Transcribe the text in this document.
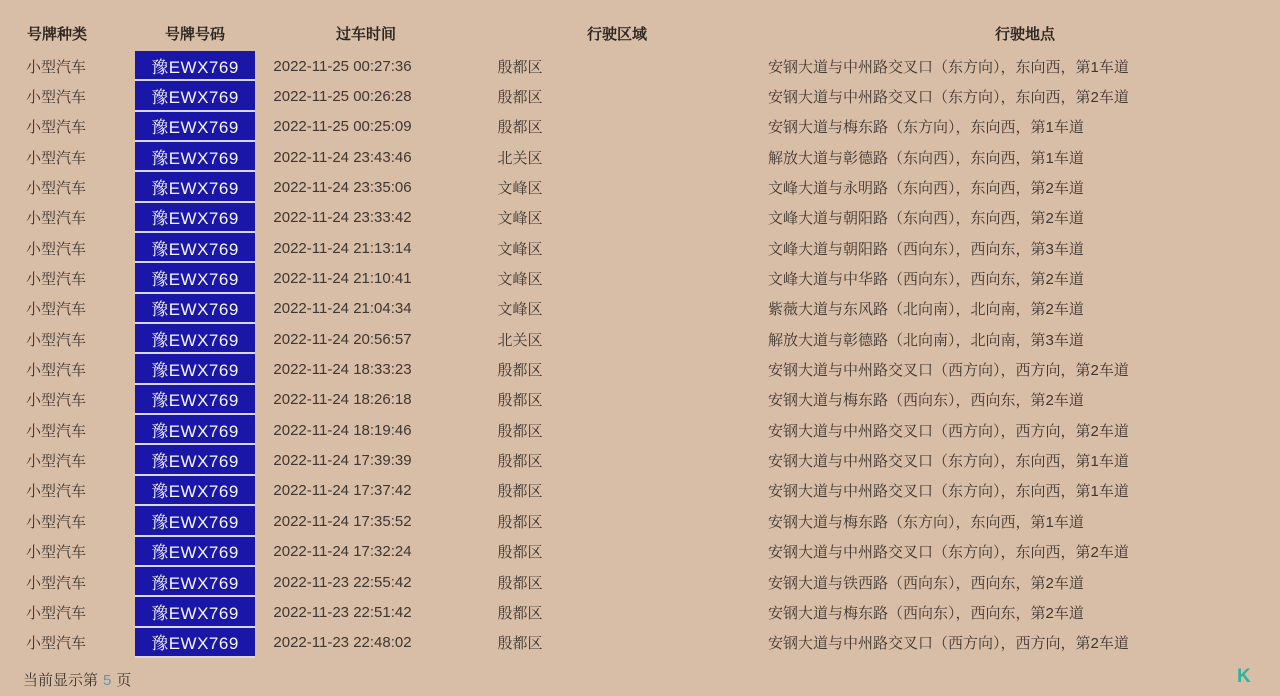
号牌种类	号牌号码	过车时间	行驶区域	行驶地点
小型汽车	豫EWX769	2022-11-25 00:27:36	殷都区	安钢大道与中州路交叉口（东方向），东向西，第1车道
小型汽车	豫EWX769	2022-11-25 00:26:28	殷都区	安钢大道与中州路交叉口（东方向），东向西，第2车道
小型汽车	豫EWX769	2022-11-25 00:25:09	殷都区	安钢大道与梅东路（东方向），东向西，第1车道
小型汽车	豫EWX769	2022-11-24 23:43:46	北关区	解放大道与彰德路（东向西），东向西，第1车道
小型汽车	豫EWX769	2022-11-24 23:35:06	文峰区	文峰大道与永明路（东向西），东向西，第2车道
小型汽车	豫EWX769	2022-11-24 23:33:42	文峰区	文峰大道与朝阳路（东向西），东向西，第2车道
小型汽车	豫EWX769	2022-11-24 21:13:14	文峰区	文峰大道与朝阳路（西向东），西向东，第3车道
小型汽车	豫EWX769	2022-11-24 21:10:41	文峰区	文峰大道与中华路（西向东），西向东，第2车道
小型汽车	豫EWX769	2022-11-24 21:04:34	文峰区	紫薇大道与东风路（北向南），北向南，第2车道
小型汽车	豫EWX769	2022-11-24 20:56:57	北关区	解放大道与彰德路（北向南），北向南，第3车道
小型汽车	豫EWX769	2022-11-24 18:33:23	殷都区	安钢大道与中州路交叉口（西方向），西方向，第2车道
小型汽车	豫EWX769	2022-11-24 18:26:18	殷都区	安钢大道与梅东路（西向东），西向东，第2车道
小型汽车	豫EWX769	2022-11-24 18:19:46	殷都区	安钢大道与中州路交叉口（西方向），西方向，第2车道
小型汽车	豫EWX769	2022-11-24 17:39:39	殷都区	安钢大道与中州路交叉口（东方向），东向西，第1车道
小型汽车	豫EWX769	2022-11-24 17:37:42	殷都区	安钢大道与中州路交叉口（东方向），东向西，第1车道
小型汽车	豫EWX769	2022-11-24 17:35:52	殷都区	安钢大道与梅东路（东方向），东向西，第1车道
小型汽车	豫EWX769	2022-11-24 17:32:24	殷都区	安钢大道与中州路交叉口（东方向），东向西，第2车道
小型汽车	豫EWX769	2022-11-23 22:55:42	殷都区	安钢大道与铁西路（西向东），西向东，第2车道
小型汽车	豫EWX769	2022-11-23 22:51:42	殷都区	安钢大道与梅东路（西向东），西向东，第2车道
小型汽车	豫EWX769	2022-11-23 22:48:02	殷都区	安钢大道与中州路交叉口（西方向），西方向，第2车道
当前显示第 5 页	K
